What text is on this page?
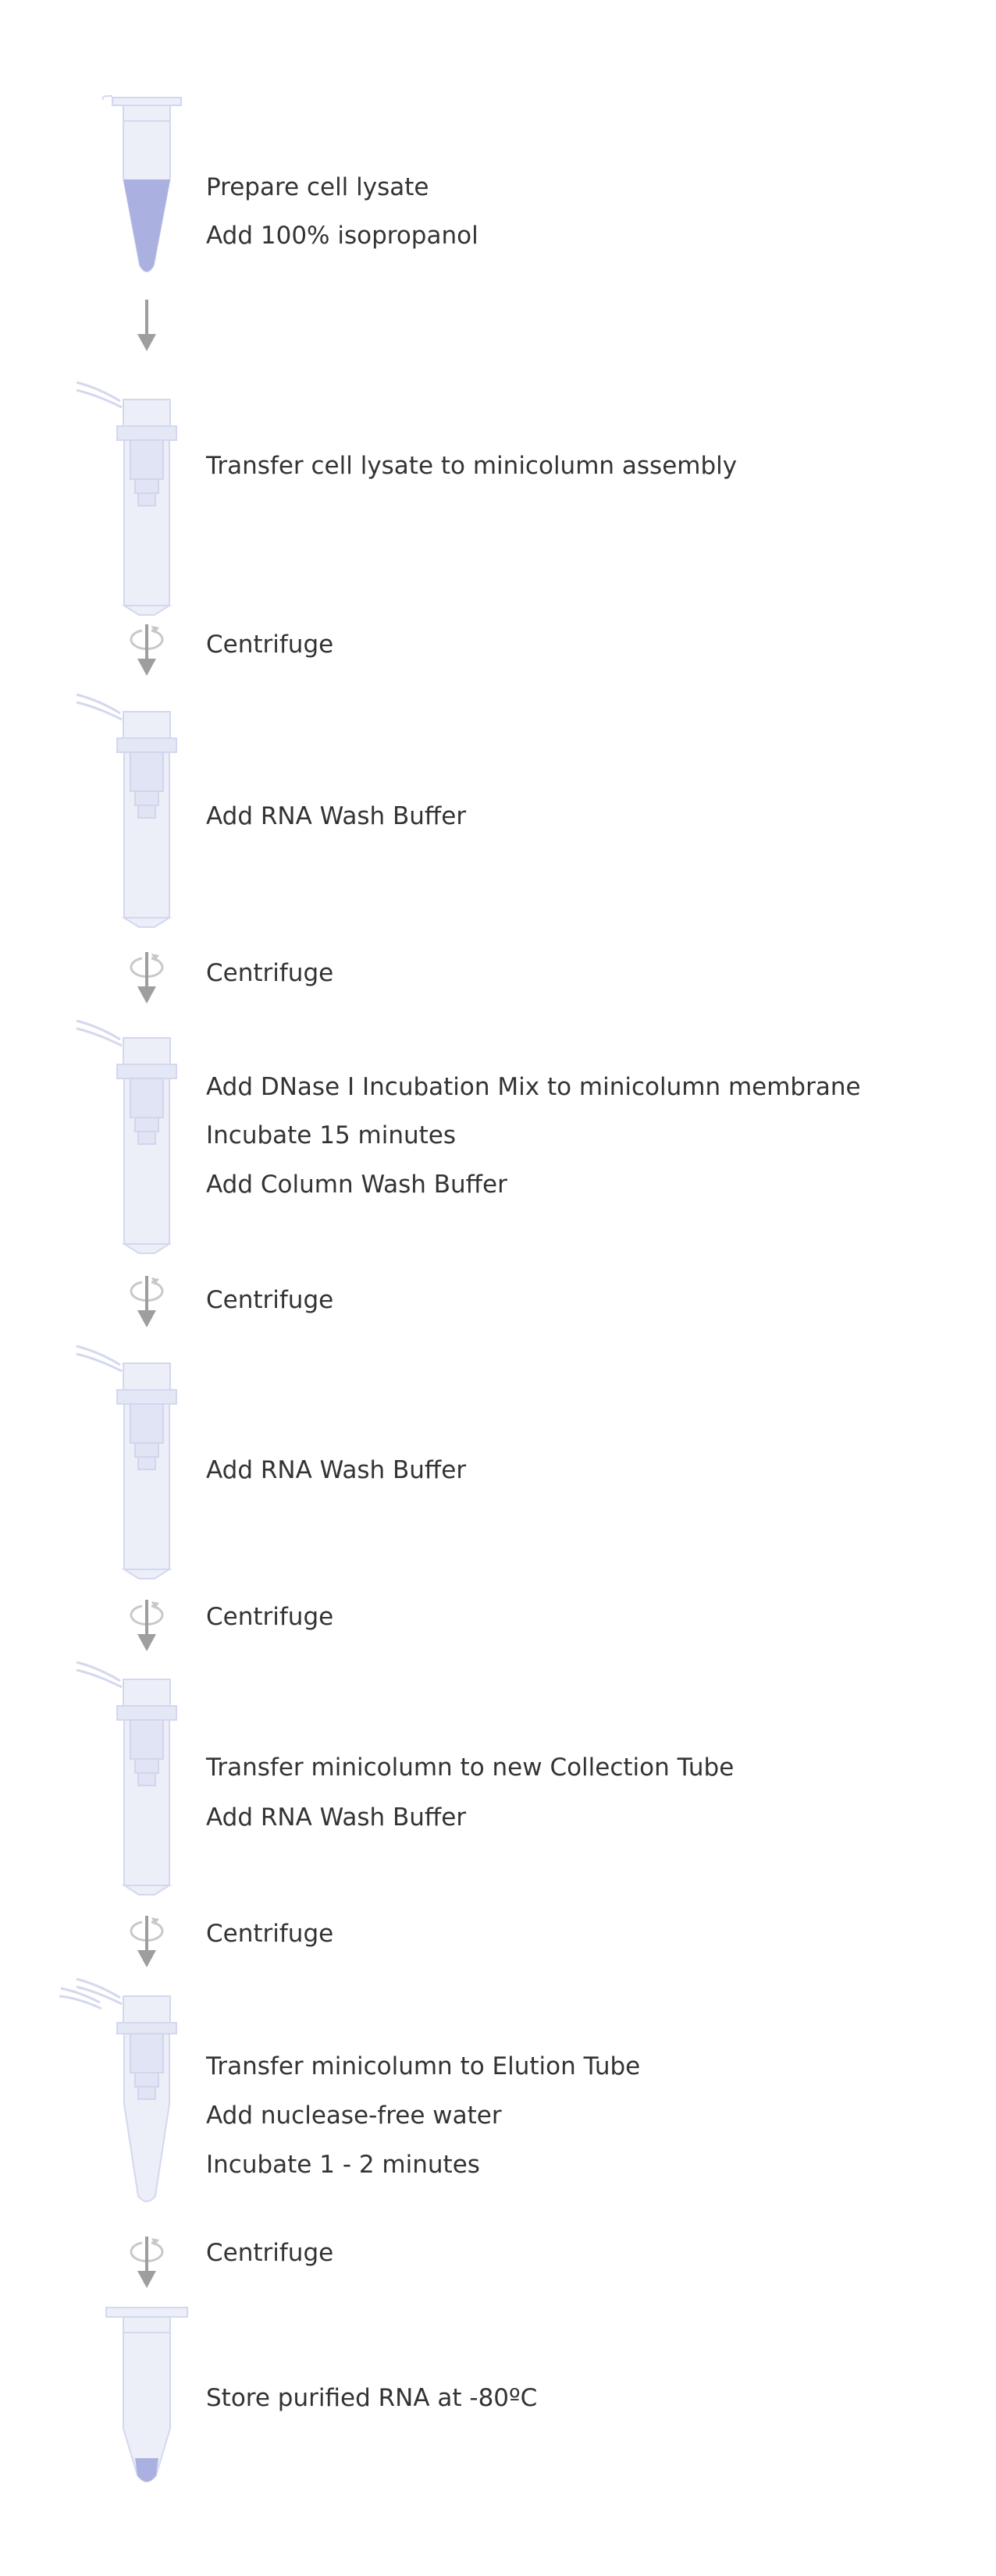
Prepare cell lysate
Add 100% isopropanol
Transfer cell lysate to minicolumn assembly
Centrifuge
Add RNA Wash Buffer
Centrifuge
Add DNase I Incubation Mix to minicolumn membrane
Incubate 15 minutes
Add Column Wash Buffer
Centrifuge
Add RNA Wash Buffer
Centrifuge
Transfer minicolumn to new Collection Tube
Add RNA Wash Buffer
Centrifuge
Transfer minicolumn to Elution Tube
Add nuclease-free water
Incubate 1 - 2 minutes
Centrifuge
Store purified RNA at -80ºC
